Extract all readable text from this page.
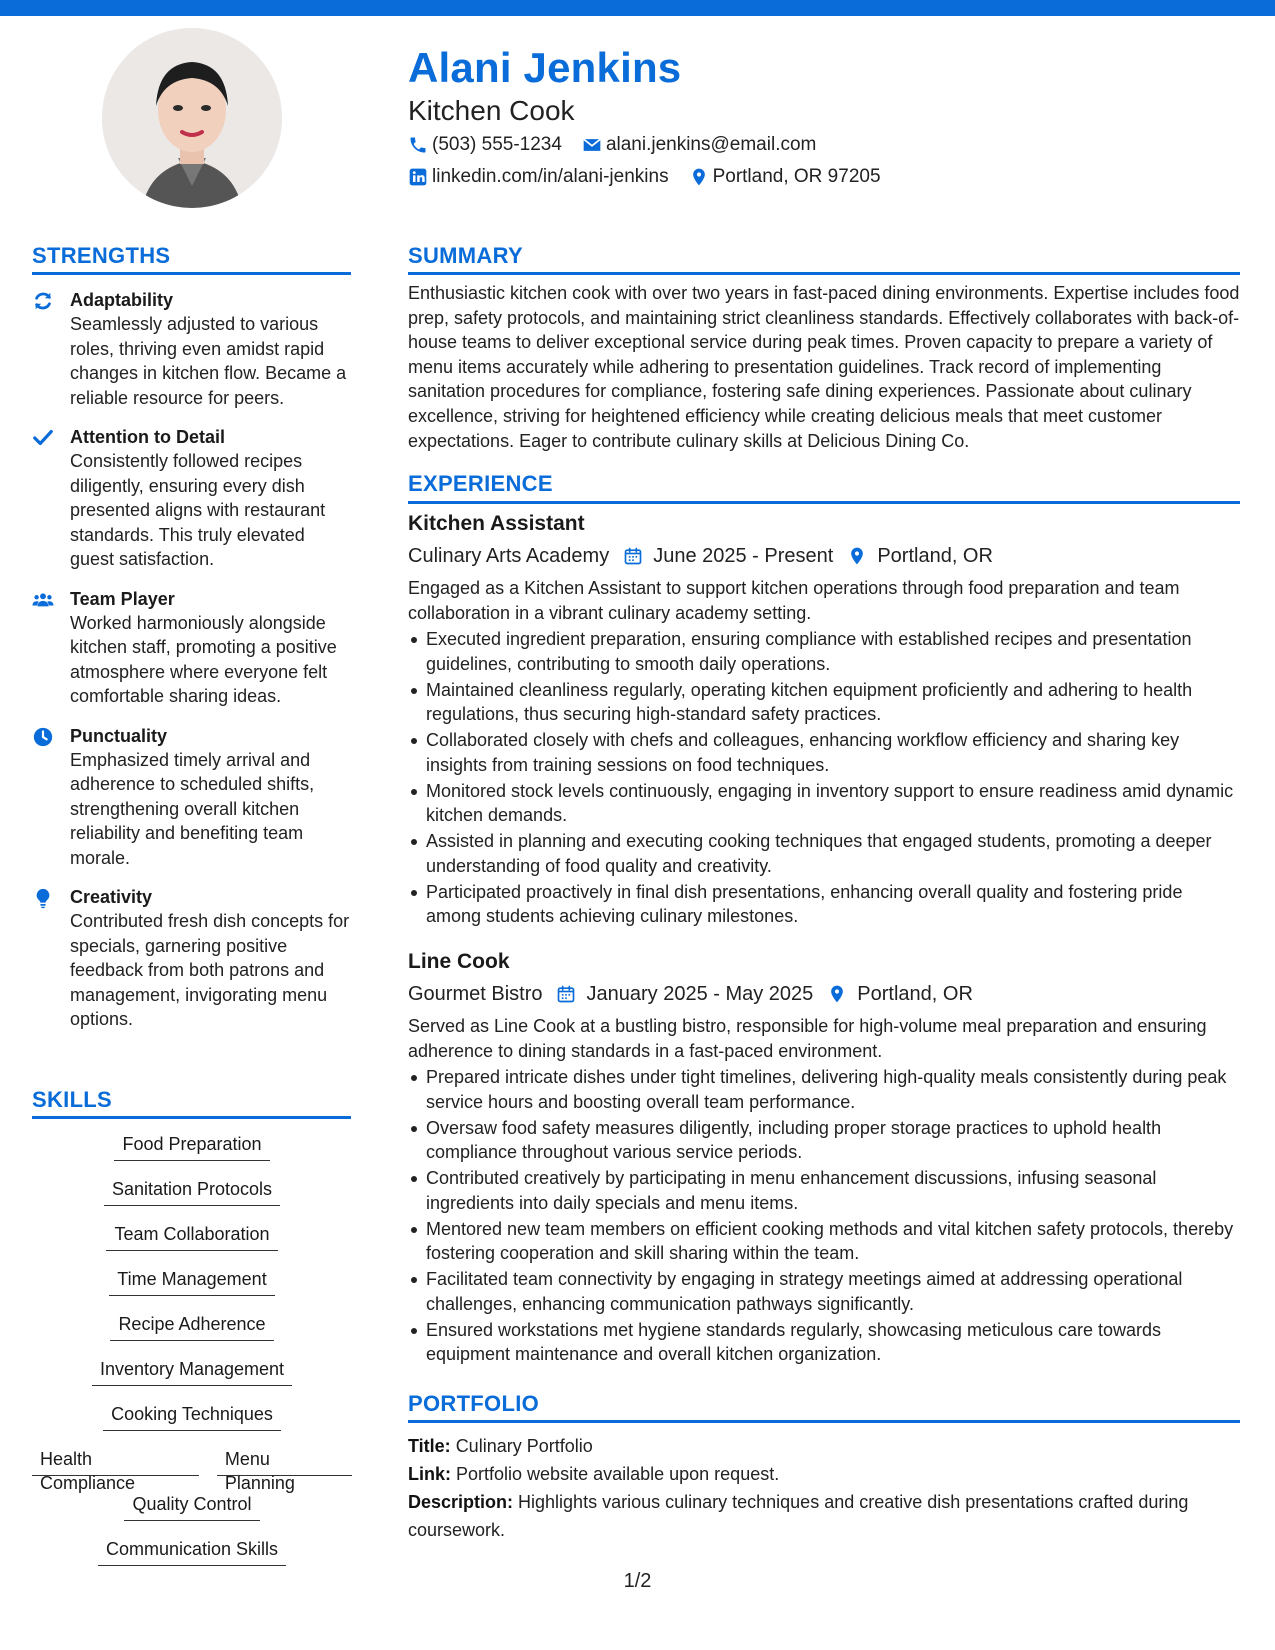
Alani Jenkins
Kitchen Cook
(503) 555-1234 alani.jenkins@email.com
linkedin.com/in/alani-jenkins Portland, OR 97205
STRENGTHS
Adaptability
Seamlessly adjusted to various roles, thriving even amidst rapid changes in kitchen flow. Became a reliable resource for peers.
Attention to Detail
Consistently followed recipes diligently, ensuring every dish presented aligns with restaurant standards. This truly elevated guest satisfaction.
Team Player
Worked harmoniously alongside kitchen staff, promoting a positive atmosphere where everyone felt comfortable sharing ideas.
Punctuality
Emphasized timely arrival and adherence to scheduled shifts, strengthening overall kitchen reliability and benefiting team morale.
Creativity
Contributed fresh dish concepts for specials, garnering positive feedback from both patrons and management, invigorating menu options.
SKILLS
Food Preparation
Sanitation Protocols
Team Collaboration
Time Management
Recipe Adherence
Inventory Management
Cooking Techniques
Health Compliance
Menu Planning
Quality Control
Communication Skills
SUMMARY
Enthusiastic kitchen cook with over two years in fast-paced dining environments. Expertise includes food prep, safety protocols, and maintaining strict cleanliness standards. Effectively collaborates with back-of-house teams to deliver exceptional service during peak times. Proven capacity to prepare a variety of menu items accurately while adhering to presentation guidelines. Track record of implementing sanitation procedures for compliance, fostering safe dining experiences. Passionate about culinary excellence, striving for heightened efficiency while creating delicious meals that meet customer expectations. Eager to contribute culinary skills at Delicious Dining Co.
EXPERIENCE
Kitchen Assistant
Culinary Arts Academy June 2025 - Present Portland, OR
Engaged as a Kitchen Assistant to support kitchen operations through food preparation and team collaboration in a vibrant culinary academy setting.
Executed ingredient preparation, ensuring compliance with established recipes and presentation guidelines, contributing to smooth daily operations.
Maintained cleanliness regularly, operating kitchen equipment proficiently and adhering to health regulations, thus securing high-standard safety practices.
Collaborated closely with chefs and colleagues, enhancing workflow efficiency and sharing key insights from training sessions on food techniques.
Monitored stock levels continuously, engaging in inventory support to ensure readiness amid dynamic kitchen demands.
Assisted in planning and executing cooking techniques that engaged students, promoting a deeper understanding of food quality and creativity.
Participated proactively in final dish presentations, enhancing overall quality and fostering pride among students achieving culinary milestones.
Line Cook
Gourmet Bistro January 2025 - May 2025 Portland, OR
Served as Line Cook at a bustling bistro, responsible for high-volume meal preparation and ensuring adherence to dining standards in a fast-paced environment.
Prepared intricate dishes under tight timelines, delivering high-quality meals consistently during peak service hours and boosting overall team performance.
Oversaw food safety measures diligently, including proper storage practices to uphold health compliance throughout various service periods.
Contributed creatively by participating in menu enhancement discussions, infusing seasonal ingredients into daily specials and menu items.
Mentored new team members on efficient cooking methods and vital kitchen safety protocols, thereby fostering cooperation and skill sharing within the team.
Facilitated team connectivity by engaging in strategy meetings aimed at addressing operational challenges, enhancing communication pathways significantly.
Ensured workstations met hygiene standards regularly, showcasing meticulous care towards equipment maintenance and overall kitchen organization.
PORTFOLIO
Title: Culinary Portfolio
Link: Portfolio website available upon request.
Description: Highlights various culinary techniques and creative dish presentations crafted during coursework.
1/2
